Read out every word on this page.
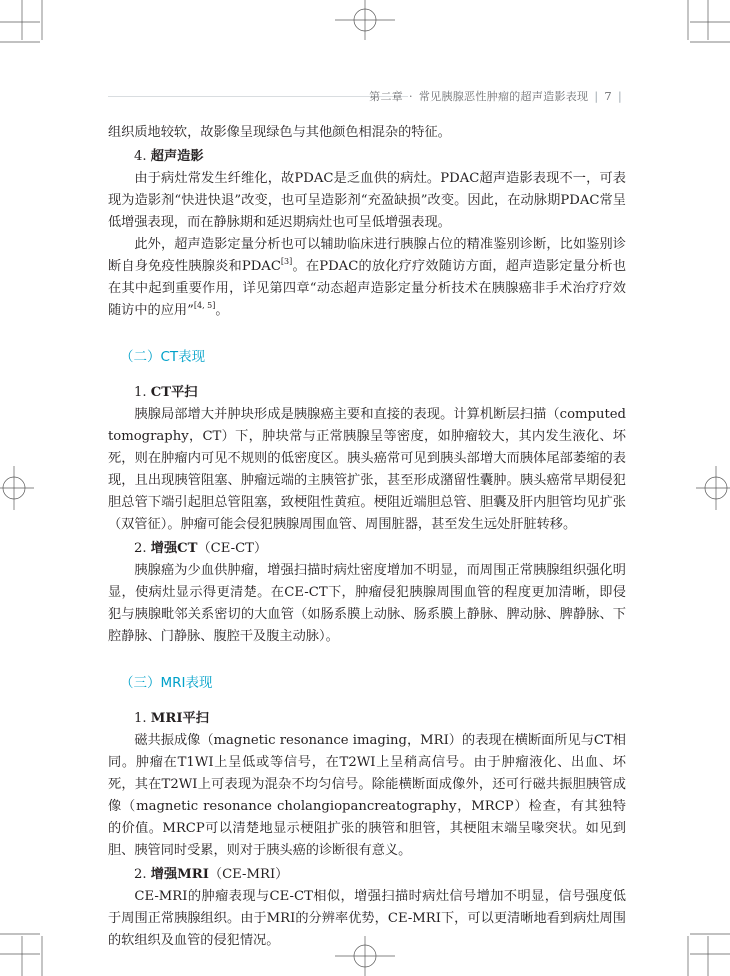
第二章 · 常见胰腺恶性肿瘤的超声造影表现 | 7 |

组织质地较软，故影像呈现绿色与其他颜色相混杂的特征。

4. 超声造影

由于病灶常发生纤维化，故PDAC是乏血供的病灶。PDAC超声造影表现不一，可表现为造影剂“快进快退”改变，也可呈造影剂“充盈缺损”改变。因此，在动脉期PDAC常呈低增强表现，而在静脉期和延迟期病灶也可呈低增强表现。

此外，超声造影定量分析也可以辅助临床进行胰腺占位的精准鉴别诊断，比如鉴别诊断自身免疫性胰腺炎和PDAC[3]。在PDAC的放化疗疗效随访方面，超声造影定量分析也在其中起到重要作用，详见第四章“动态超声造影定量分析技术在胰腺癌非手术治疗疗效随访中的应用”[4, 5]。

（二）CT表现
1. CT平扫

胰腺局部增大并肿块形成是胰腺癌主要和直接的表现。计算机断层扫描（computed tomography，CT）下，肿块常与正常胰腺呈等密度，如肿瘤较大，其内发生液化、坏死，则在肿瘤内可见不规则的低密度区。胰头癌常可见到胰头部增大而胰体尾部萎缩的表现，且出现胰管阻塞、肿瘤远端的主胰管扩张，甚至形成潴留性囊肿。胰头癌常早期侵犯胆总管下端引起胆总管阻塞，致梗阻性黄疸。梗阻近端胆总管、胆囊及肝内胆管均见扩张（双管征）。肿瘤可能会侵犯胰腺周围血管、周围脏器，甚至发生远处肝脏转移。

2. 增强CT（CE-CT）

胰腺癌为少血供肿瘤，增强扫描时病灶密度增加不明显，而周围正常胰腺组织强化明显，使病灶显示得更清楚。在CE-CT下，肿瘤侵犯胰腺周围血管的程度更加清晰，即侵犯与胰腺毗邻关系密切的大血管（如肠系膜上动脉、肠系膜上静脉、脾动脉、脾静脉、下腔静脉、门静脉、腹腔干及腹主动脉）。

（三）MRI表现
1. MRI平扫

磁共振成像（magnetic resonance imaging，MRI）的表现在横断面所见与CT相同。肿瘤在T1WI上呈低或等信号，在T2WI上呈稍高信号。由于肿瘤液化、出血、坏死，其在T2WI上可表现为混杂不均匀信号。除能横断面成像外，还可行磁共振胆胰管成像（magnetic resonance cholangiopancreatography，MRCP）检查，有其独特的价值。MRCP可以清楚地显示梗阻扩张的胰管和胆管，其梗阻末端呈喙突状。如见到胆、胰管同时受累，则对于胰头癌的诊断很有意义。

2. 增强MRI（CE-MRI）

CE-MRI的肿瘤表现与CE-CT相似，增强扫描时病灶信号增加不明显，信号强度低于周围正常胰腺组织。由于MRI的分辨率优势，CE-MRI下，可以更清晰地看到病灶周围的软组织及血管的侵犯情况。
